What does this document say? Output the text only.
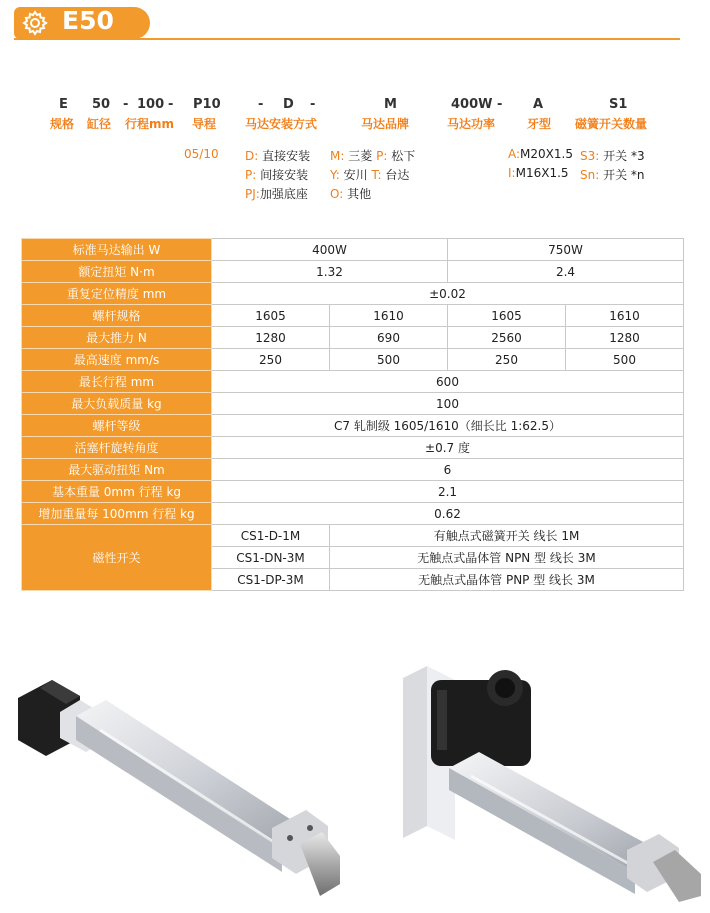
E50
E 50 - 100 - P10	- D -	M	400W - A	S1
规格 缸径 行程mm 导程 马达安装方式	马达品牌	马达功率	牙型 磁簧开关数量
05/10 D: 直接安装
P: 间接安装
PJ:加强底座
M: 三菱 P: 松下
Y: 安川 T: 台达
O: 其他
A:M20X1.5
I:M16X1.5
S3: 开关 *3
Sn: 开关 *n
标准马达输出 W	400W		750W	
额定扭矩 N·m	1.32		2.4	
重复定位精度 mm	±0.02			
螺杆规格	1605	1610	1605	1610
最大推力 N	1280	690	2560	1280
最高速度 mm/s	250	500	250	500
最长行程 mm	600			
最大负载质量 kg	100			
螺杆等级	C7 轧制级 1605/1610（细长比 1:62.5）			
活塞杆旋转角度	±0.7 度			
最大驱动扭矩 Nm	6			
基本重量 0mm 行程 kg	2.1			
增加重量每 100mm 行程 kg	0.62			
磁性开关	CS1-D-1M	有触点式磁簧开关 线长 1M		
	CS1-DN-3M	无触点式晶体管 NPN 型 线长 3M		
	CS1-DP-3M	无触点式晶体管 PNP 型 线长 3M		
